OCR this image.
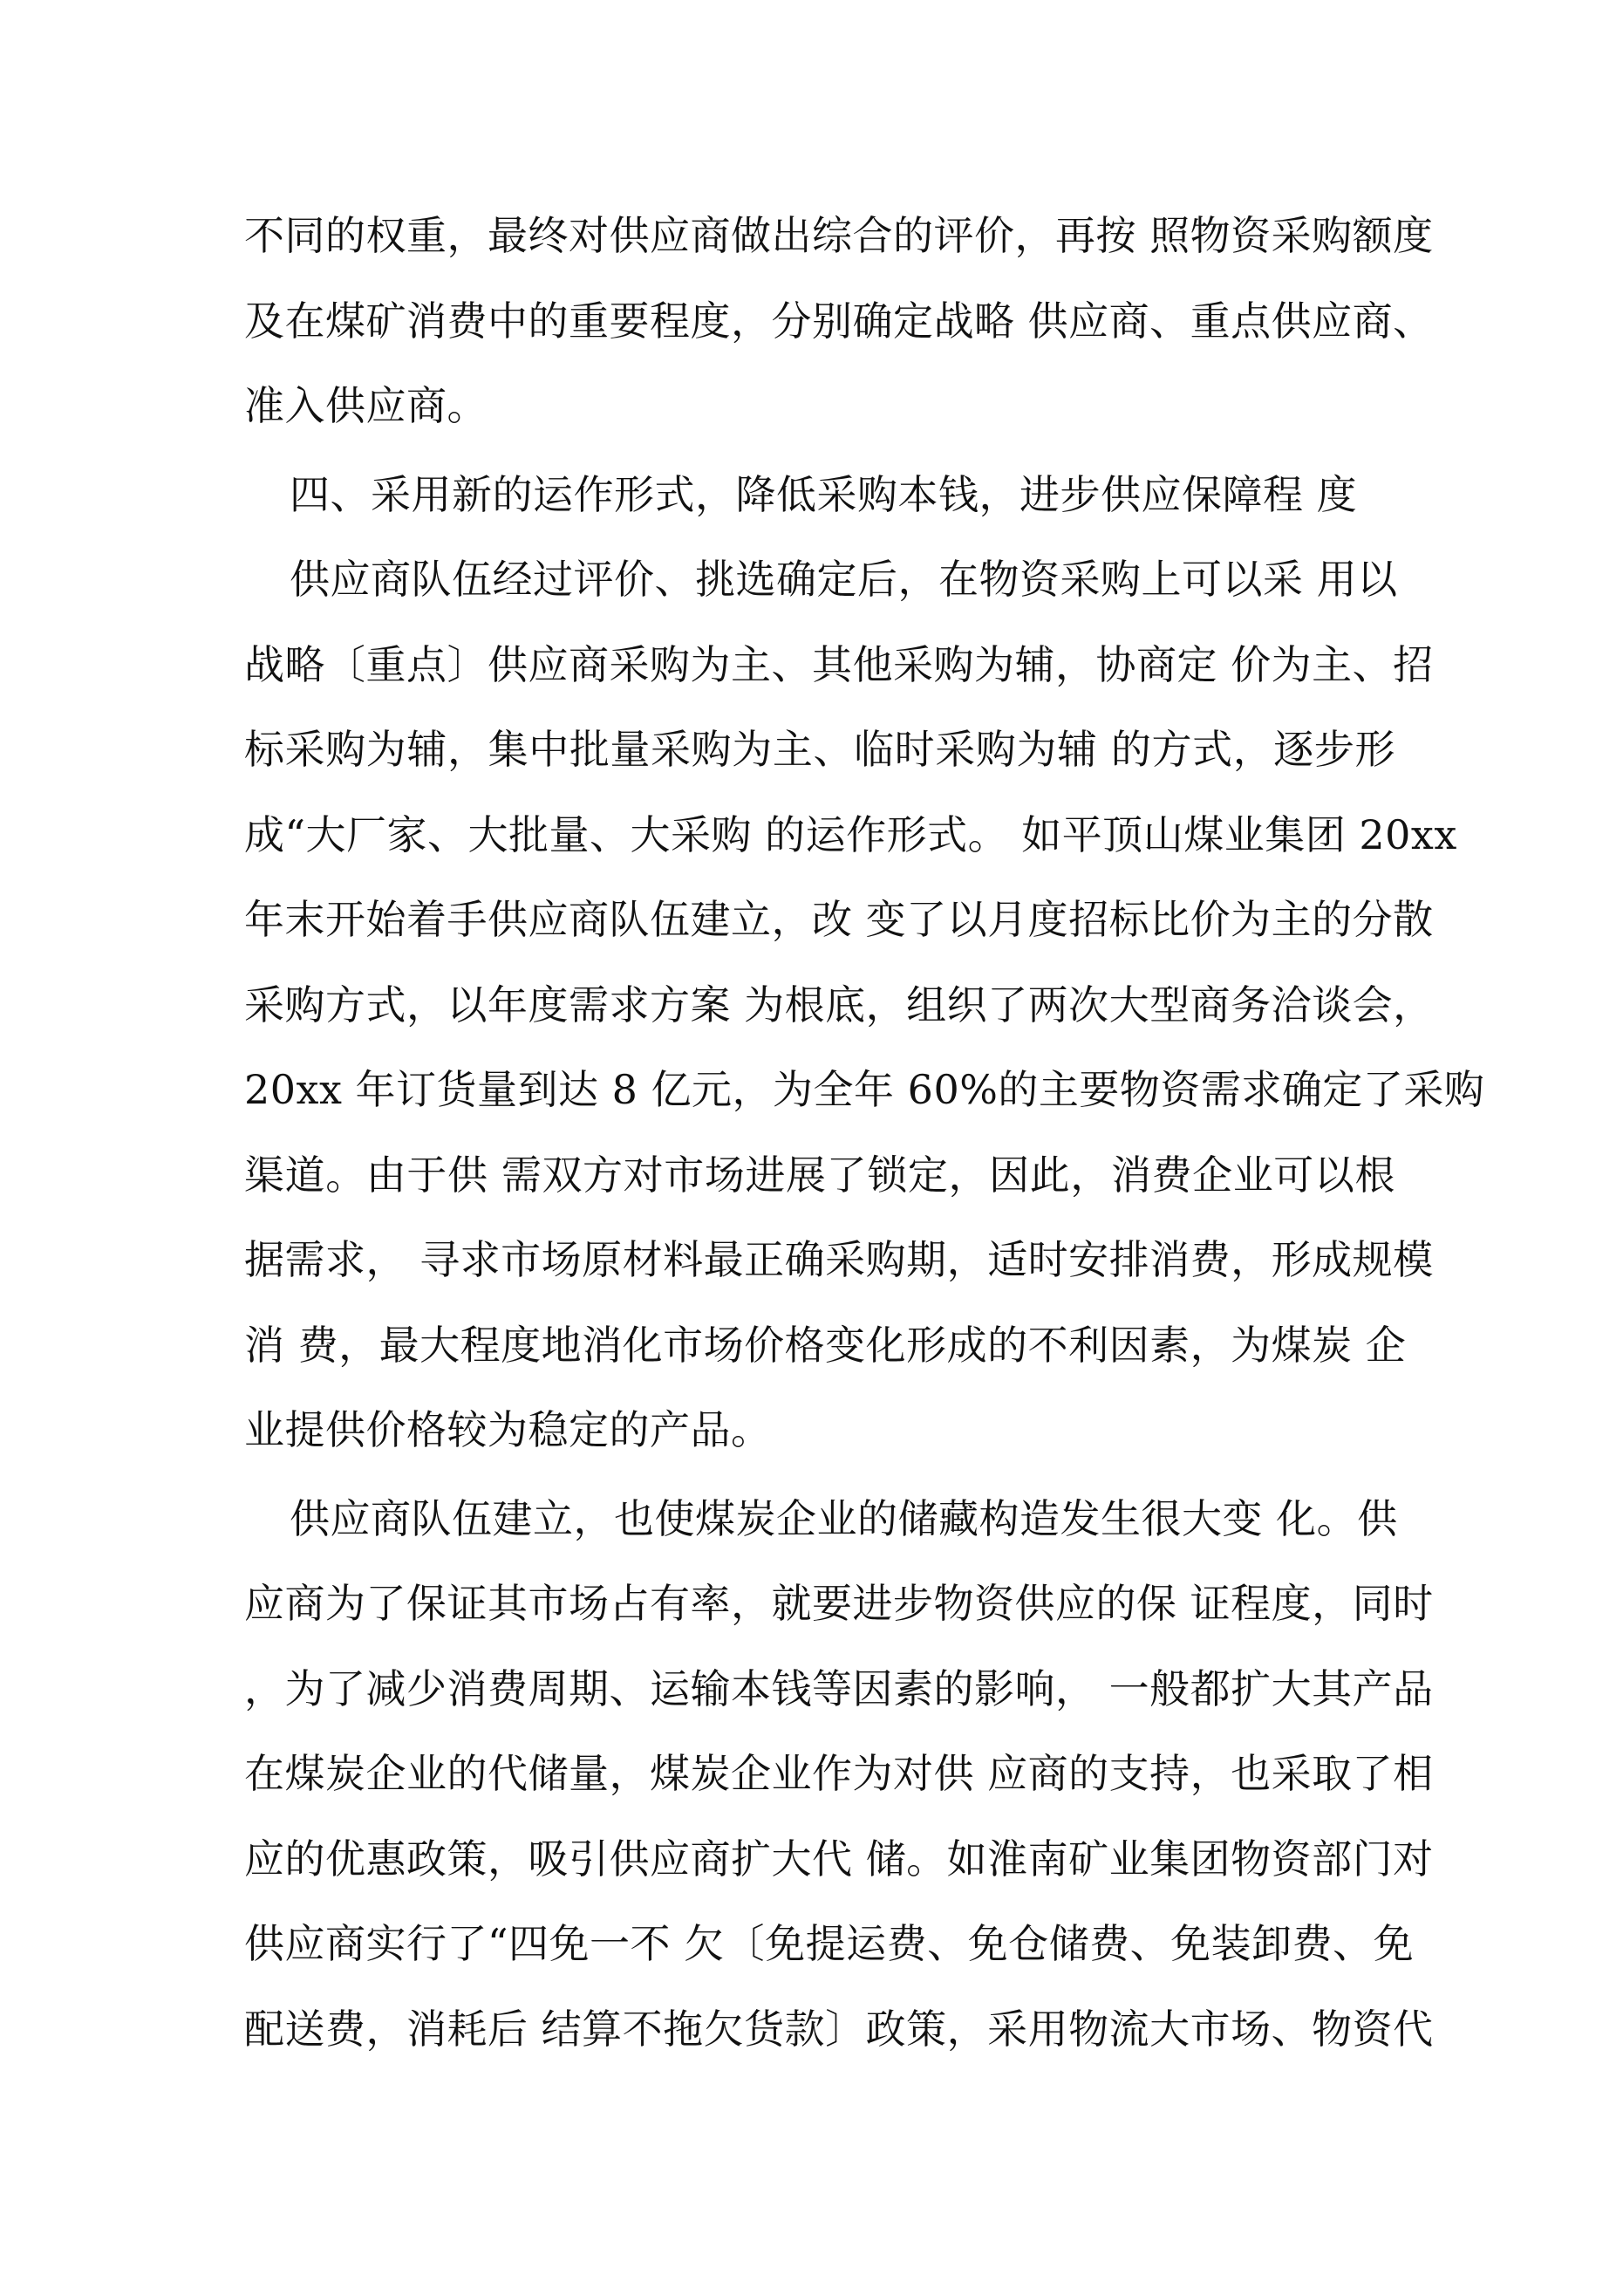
不同的权重，最终对供应商做出综合的评价，再按 照物资采购额度
及在煤矿消费中的重要程度，分别确定战略 供应商、重点供应商、
准入供应商。
四、采用新的运作形式，降低采购本钱，进步供应保障程 度
供应商队伍经过评价、挑选确定后，在物资采购上可以采 用以
战略〔重点〕供应商采购为主、其他采购为辅，协商定 价为主、招
标采购为辅，集中批量采购为主、临时采购为辅 的方式，逐步形
成“大厂家、大批量、大采购 的运作形式。 如平顶山煤业集团 20xx
年末开始着手供应商队伍建立，改 变了以月度招标比价为主的分散
采购方式，以年度需求方案 为根底，组织了两次大型商务洽谈会，
20xx 年订货量到达 8 亿元，为全年 60%的主要物资需求确定了采购
渠道。由于供 需双方对市场进展了锁定，因此，消费企业可以根
据需求， 寻求市场原材料最正确采购期，适时安排消费，形成规模
消 费，最大程度地消化市场价格变化形成的不利因素，为煤炭 企
业提供价格较为稳定的产品。
供应商队伍建立，也使煤炭企业的储藏构造发生很大变 化。供
应商为了保证其市场占有率，就要进步物资供应的保 证程度，同时
，为了减少消费周期、运输本钱等因素的影响， 一般都扩大其产品
在煤炭企业的代储量，煤炭企业作为对供 应商的支持，也采取了相
应的优惠政策，吸引供应商扩大代 储。如淮南矿业集团物资部门对
供应商实行了“四免一不 欠〔免提运费、免仓储费、免装卸费、免
配送费，消耗后 结算不拖欠货款〕政策，采用物流大市场、物资代
